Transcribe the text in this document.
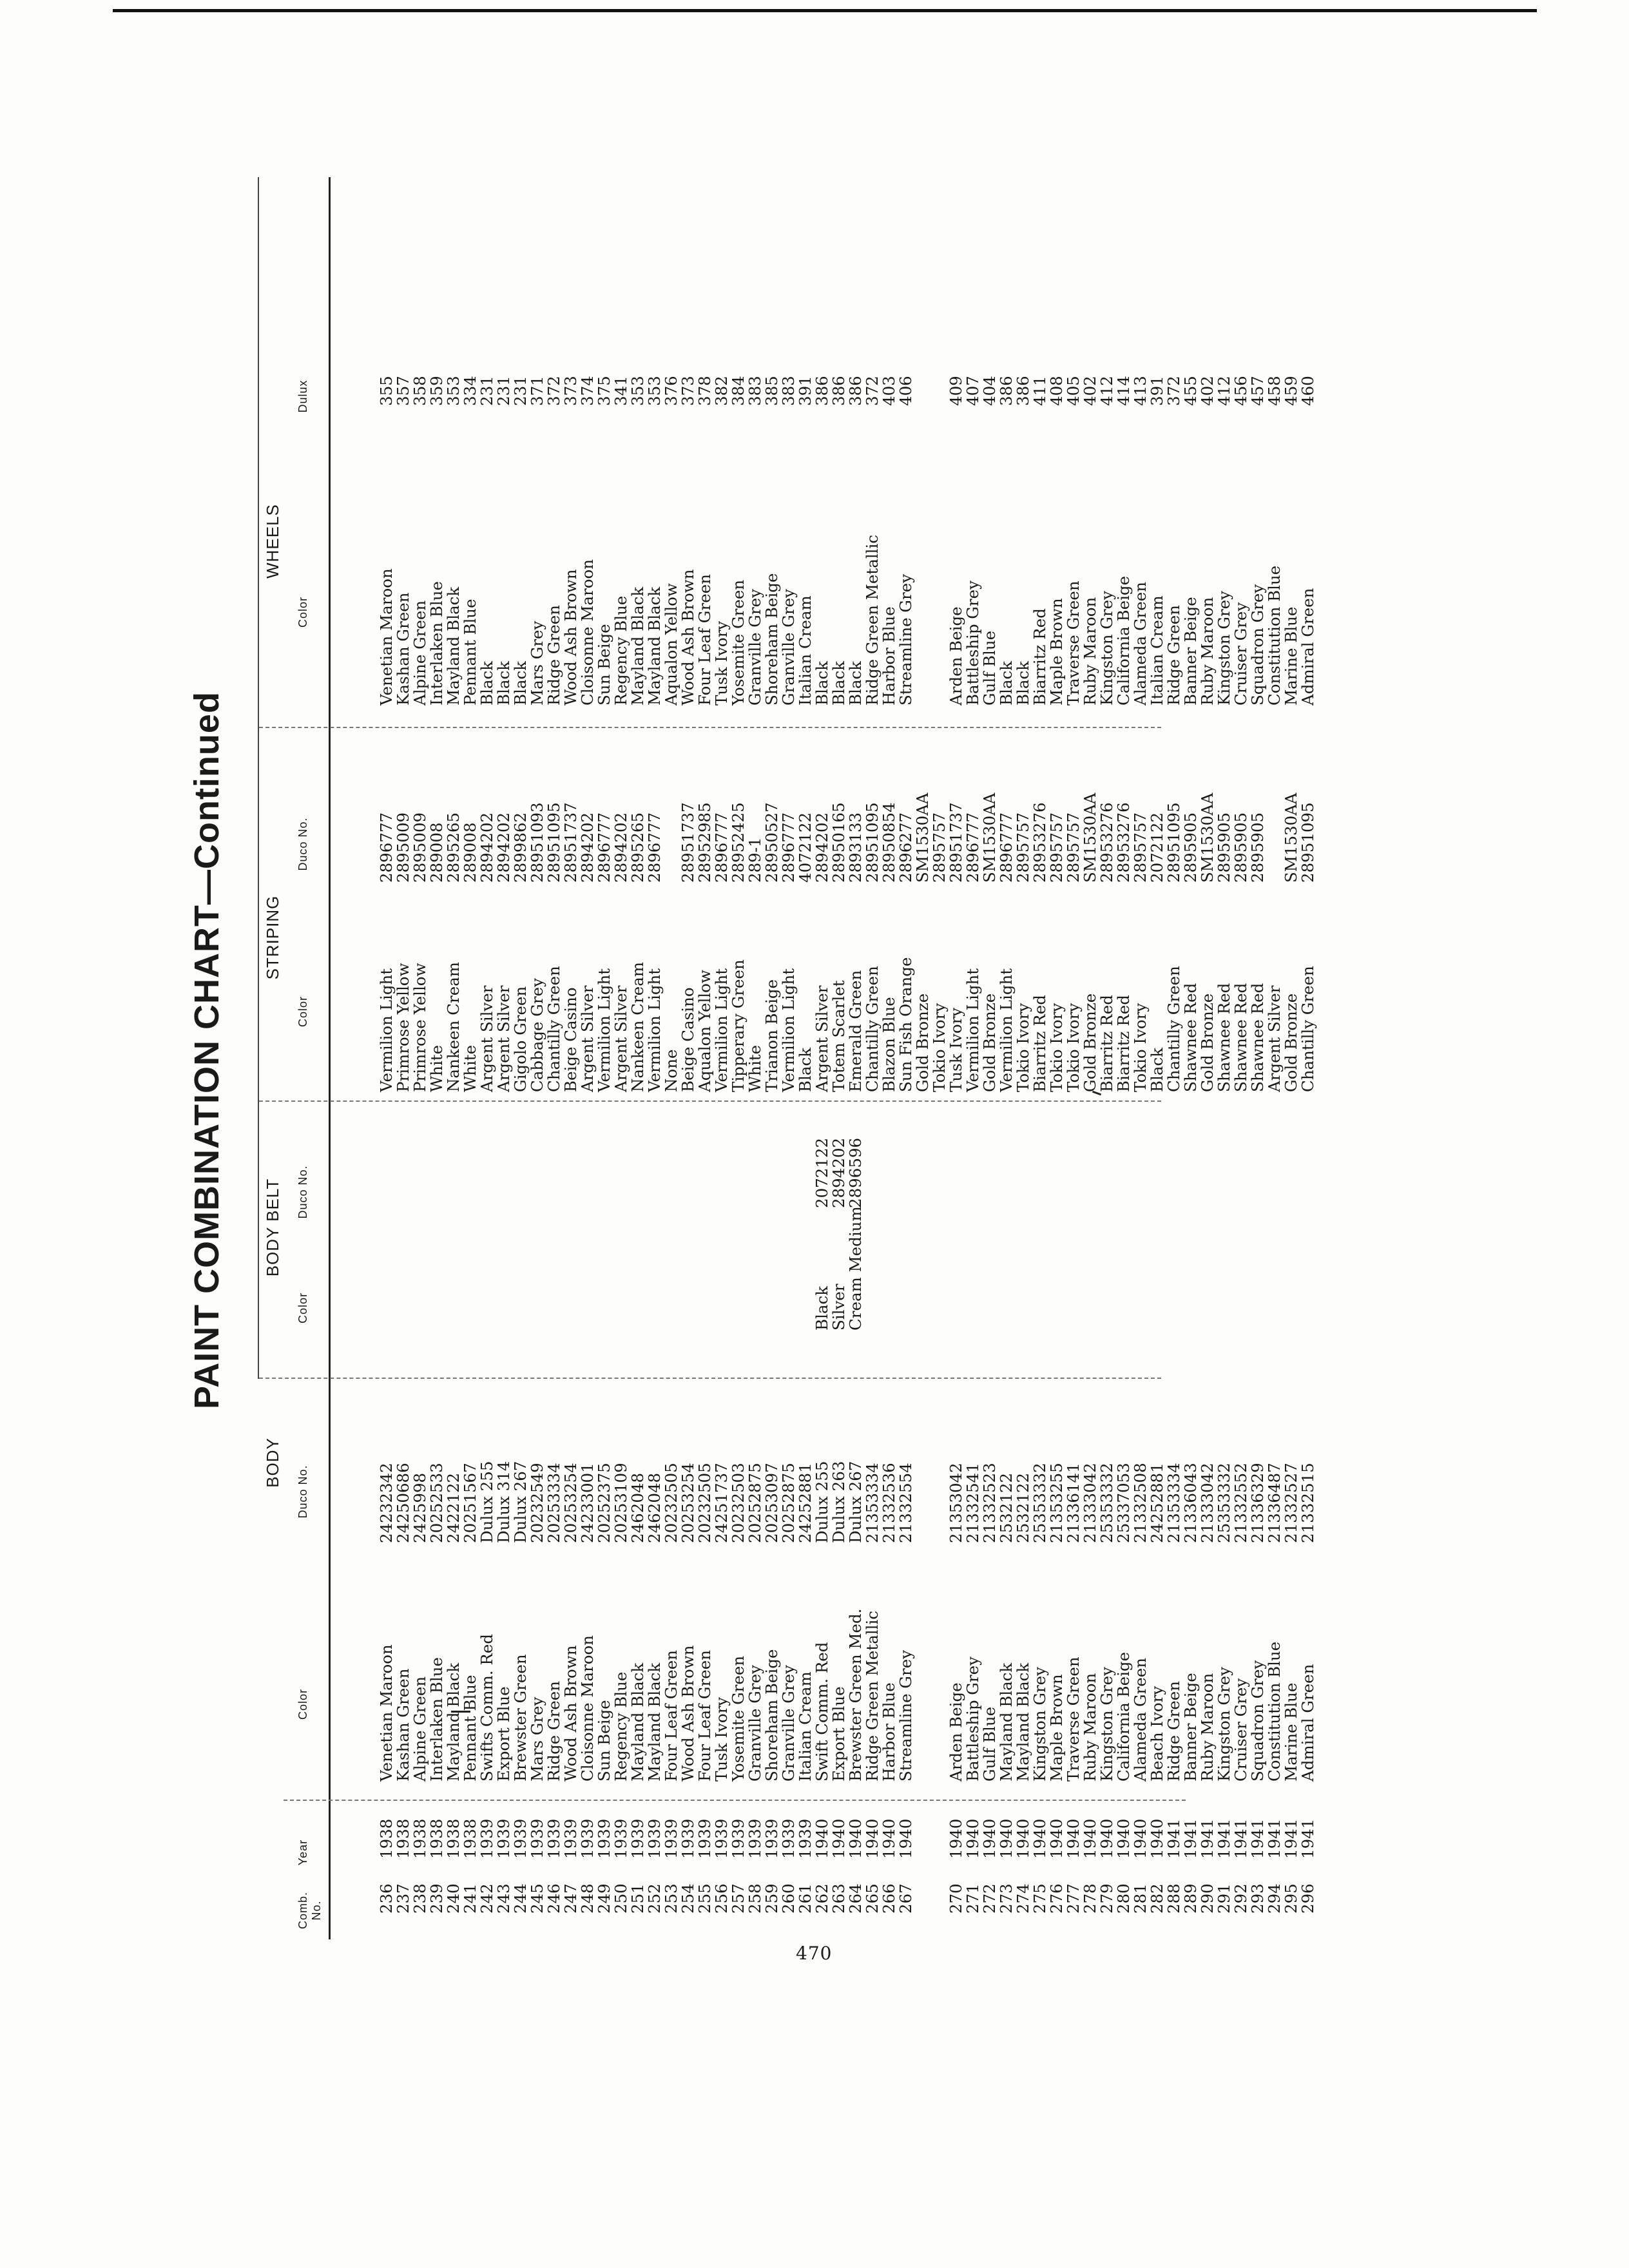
PAINT COMBINATION CHART—Continued
BODY
BODY BELT
STRIPING
WHEELS
Comb. No.
Year
Color
Duco No.
Color
Duco No.
Color
Duco No.
Color
Dulux

236
237
238
239
240
241
242
243
244
245
246
247
248
249
250
251
252
253
254
255
256
257
258
259
260
261
262
263
264
265
266
267 270
271
272
273
274
275
276
277
278
279
280
281
282
288
289
290
291
292
293
294
295
296

1938
1938
1938
1938
1938
1938
1939
1939
1939
1939
1939
1939
1939
1939
1939
1939
1939
1939
1939
1939
1939
1939
1939
1939
1939
1939
1940
1940
1940
1940
1940
1940 1940
1940
1940
1940
1940
1940
1940
1940
1940
1940
1940
1940
1940
1941
1941
1941
1941
1941
1941
1941
1941
1941

Venetian Maroon
Kashan Green
Alpine Green
Interlaken Blue
Mayland Black
Pennant Blue
Swifts Comm. Red
Export Blue
Brewster Green
Mars Grey
Ridge Green
Wood Ash Brown
Cloisonne Maroon
Sun Beige
Regency Blue
Mayland Black
Mayland Black
Four Leaf Green
Wood Ash Brown
Four Leaf Green
Tusk Ivory
Yosemite Green
Granville Grey
Shoreham Beige
Granville Grey
Italian Cream
Swift Comm. Red
Export Blue
Brewster Green Med.
Ridge Green Metallic
Harbor Blue
Streamline Grey Arden Beige
Battleship Grey
Gulf Blue
Mayland Black
Mayland Black
Kingston Grey
Maple Brown
Traverse Green
Ruby Maroon
Kingston Grey
California Beige
Alameda Green
Beach Ivory
Ridge Green
Banner Beige
Ruby Maroon
Kingston Grey
Cruiser Grey
Squadron Grey
Constitution Blue
Marine Blue
Admiral Green

24232342
24250686
2425998
20252533
2422122
20251567
Dulux 255
Dulux 314
Dulux 267
20232549
20253334
20253254
24233001
20252375
20253109
2462048
2462048
20232505
20253254
20232505
24251737
20232503
20252875
20253097
20252875
24252881
Dulux 255
Dulux 263
Dulux 267
21353334
21332536
21332554 21353042
21332541
21332523
2532122
2532122
25353332
21353255
21336141
21333042
25353332
25337053
21332508
24252881
21353334
21336043
21333042
25353332
21332552
21336329
21336487
21332527
21332515

Black
Silver
Cream Medium

2072122
2894202
2896596

Vermilion Light
Primrose Yellow
Primrose Yellow
White
Nankeen Cream
White
Argent Silver
Argent Silver
Gigolo Green
Cabbage Grey
Chantilly Green
Beige Casino
Argent Silver
Vermilion Light
Argent Silver
Nankeen Cream
Vermilion Light
None
Beige Casino
Aqualon Yellow
Vermilion Light
Tipperary Green
White
Trianon Beige
Vermilion Light
Black
Argent Silver
Totem Scarlet
Emerald Green
Chantilly Green
Blazon Blue
Sun Fish Orange
Gold Bronze
Tokio Ivory
Tusk Ivory
Vermilion Light
Gold Bronze
Vermilion Light
Tokio Ivory
Biarritz Red
Tokio Ivory
Tokio Ivory
Gold Bronze
Biarritz Red
Biarritz Red
Tokio Ivory
Black
Chantilly Green
Shawnee Red
Gold Bronze
Shawnee Red
Shawnee Red
Shawnee Red
Argent Silver
Gold Bronze
Chantilly Green

2896777
2895009
2895009
289008
2895265
289008
2894202
2894202
2899862
28951093
28951095
28951737
2894202
2896777
2894202
2895265
2896777
28951737
28952985
2896777
28952425
289-1
28950527
2896777
4072122
2894202
28950165
2893133
28951095
28950854
2896277
SM1530AA
2895757
28951737
2896777
SM1530AA
2896777
2895757
28953276
2895757
2895757
SM1530AA
28953276
28953276
2895757
2072122
28951095
2895905
SM1530AA
2895905
2895905
2895905
SM1530AA
28951095

Venetian Maroon
Kashan Green
Alpine Green
Interlaken Blue
Mayland Black
Pennant Blue
Black
Black
Black
Mars Grey
Ridge Green
Wood Ash Brown
Cloisonne Maroon
Sun Beige
Regency Blue
Mayland Black
Mayland Black
Aqualon Yellow
Wood Ash Brown
Four Leaf Green
Tusk Ivory
Yosemite Green
Granville Grey
Shoreham Beige
Granville Grey
Italian Cream
Black
Black
Black
Ridge Green Metallic
Harbor Blue
Streamline Grey Arden Beige
Battleship Grey
Gulf Blue
Black
Black
Biarritz Red
Maple Brown
Traverse Green
Ruby Maroon
Kingston Grey
California Beige
Alameda Green
Italian Cream
Ridge Green
Banner Beige
Ruby Maroon
Kingston Grey
Cruiser Grey
Squadron Grey
Constitution Blue
Marine Blue
Admiral Green

355
357
358
359
353
334
231
231
231
371
372
373
374
375
341
353
353
376
373
378
382
384
383
385
383
391
386
386
386
372
403
406 409
407
404
386
386
411
408
405
402
412
414
413
391
372
455
402
412
456
457
458
459
460

470
